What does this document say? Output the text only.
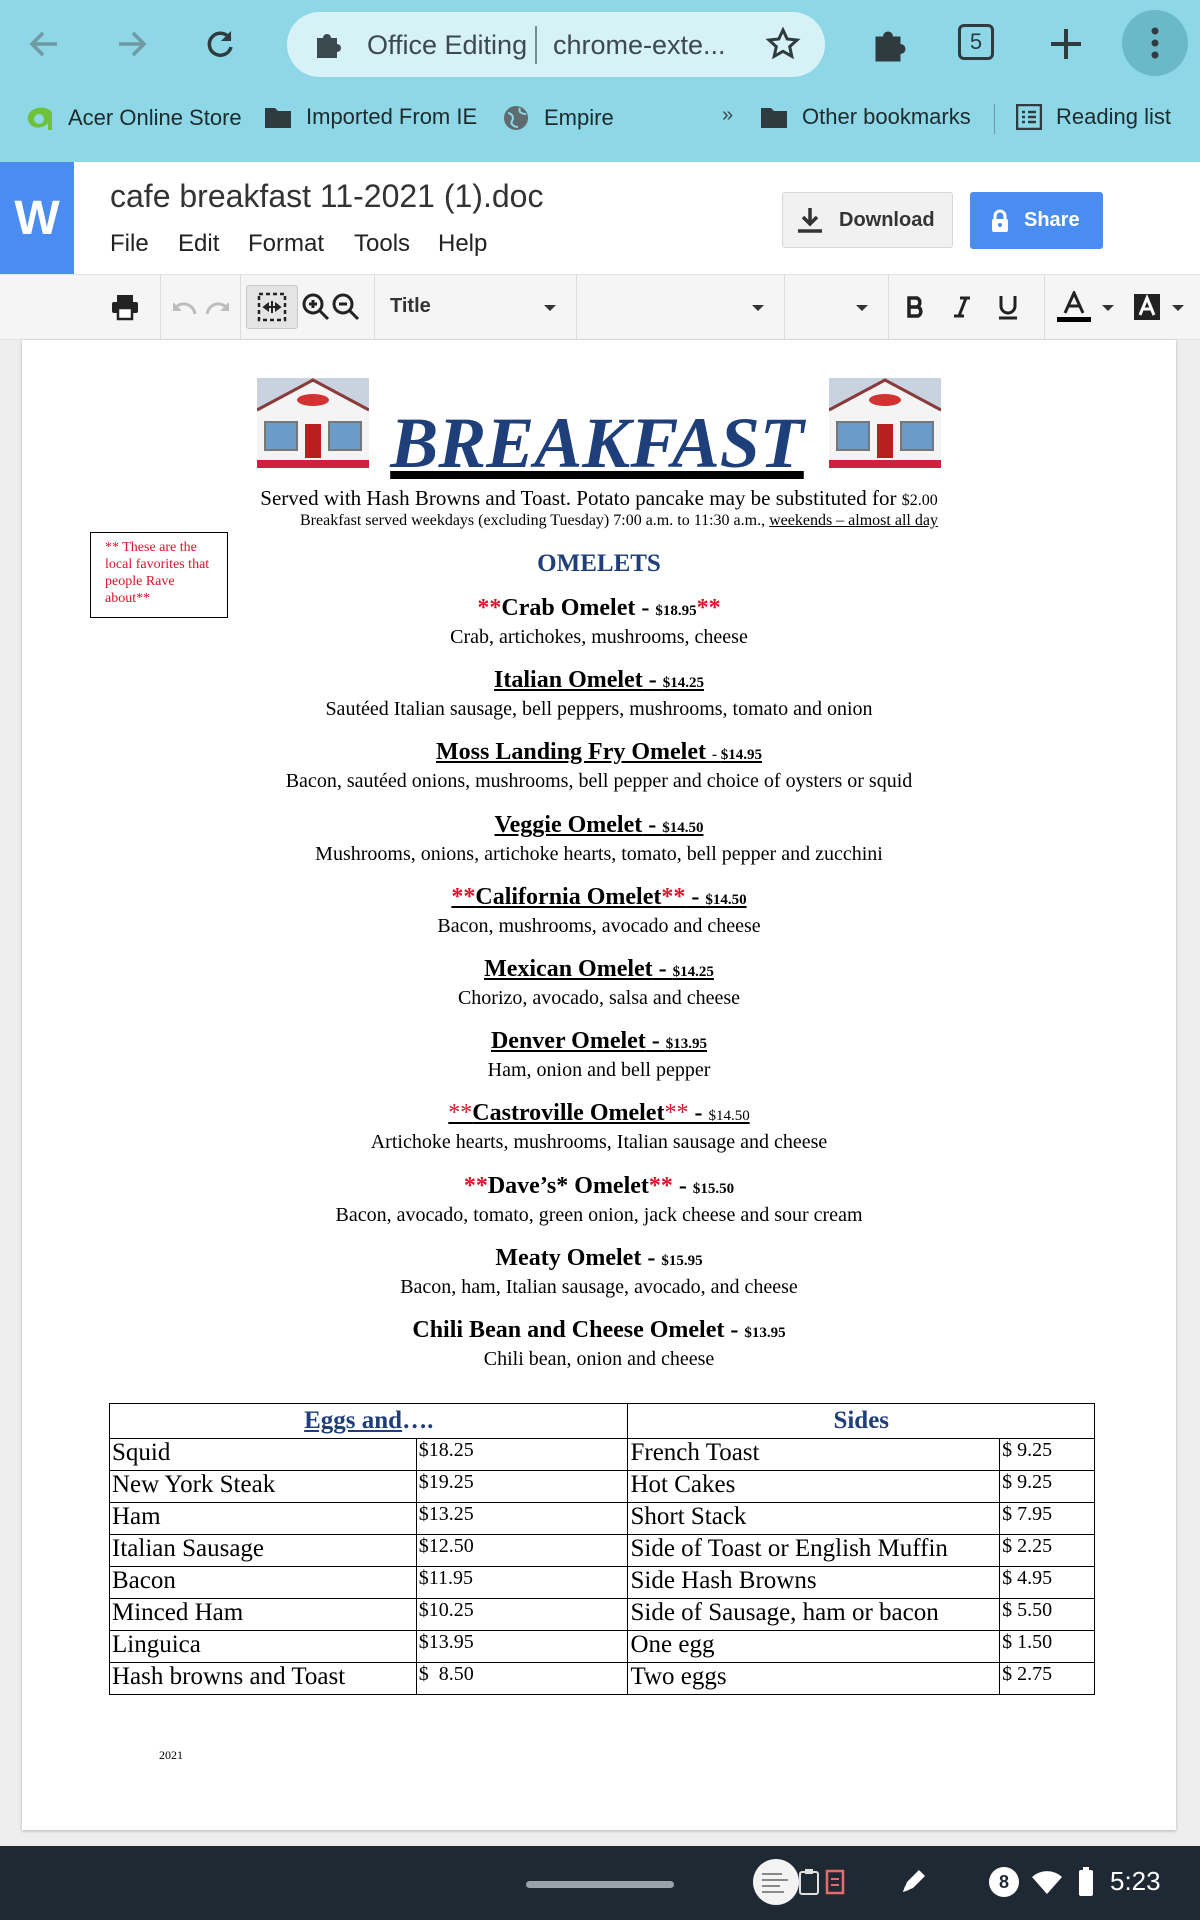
Office Editing chrome-exte...	5
Acer Online Store	Imported From IE	Empire	»	Other bookmarks	Reading list
W	cafe breakfast 11-2021 (1).doc
File Edit Format Tools Help
Download	Share
Title
BREAKFAST
Served with Hash Browns and Toast. Potato pancake may be substituted for $2.00
Breakfast served weekdays (excluding Tuesday) 7:00 a.m. to 11:30 a.m., weekends – almost all day
** These are the local favorites that people Rave about**
OMELETS
**Crab Omelet - $18.95**
Crab, artichokes, mushrooms, cheese
Italian Omelet - $14.25
Sautéed Italian sausage, bell peppers, mushrooms, tomato and onion
Moss Landing Fry Omelet - $14.95
Bacon, sautéed onions, mushrooms, bell pepper and choice of oysters or squid
Veggie Omelet - $14.50
Mushrooms, onions, artichoke hearts, tomato, bell pepper and zucchini
**California Omelet** - $14.50
Bacon, mushrooms, avocado and cheese
Mexican Omelet - $14.25
Chorizo, avocado, salsa and cheese
Denver Omelet - $13.95
Ham, onion and bell pepper
**Castroville Omelet** - $14.50
Artichoke hearts, mushrooms, Italian sausage and cheese
**Dave’s* Omelet** - $15.50
Bacon, avocado, tomato, green onion, jack cheese and sour cream
Meaty Omelet - $15.95
Bacon, ham, Italian sausage, avocado, and cheese
Chili Bean and Cheese Omelet - $13.95
Chili bean, onion and cheese
Eggs and….		Sides	
Squid	$18.25	French Toast	$ 9.25
New York Steak	$19.25	Hot Cakes	$ 9.25
Ham	$13.25	Short Stack	$ 7.95
Italian Sausage	$12.50	Side of Toast or English Muffin	$ 2.25
Bacon	$11.95	Side Hash Browns	$ 4.95
Minced Ham	$10.25	Side of Sausage, ham or bacon	$ 5.50
Linguica	$13.95	One egg	$ 1.50
Hash browns and Toast	$  8.50	Two eggs	$ 2.75
2021
8	5:23
